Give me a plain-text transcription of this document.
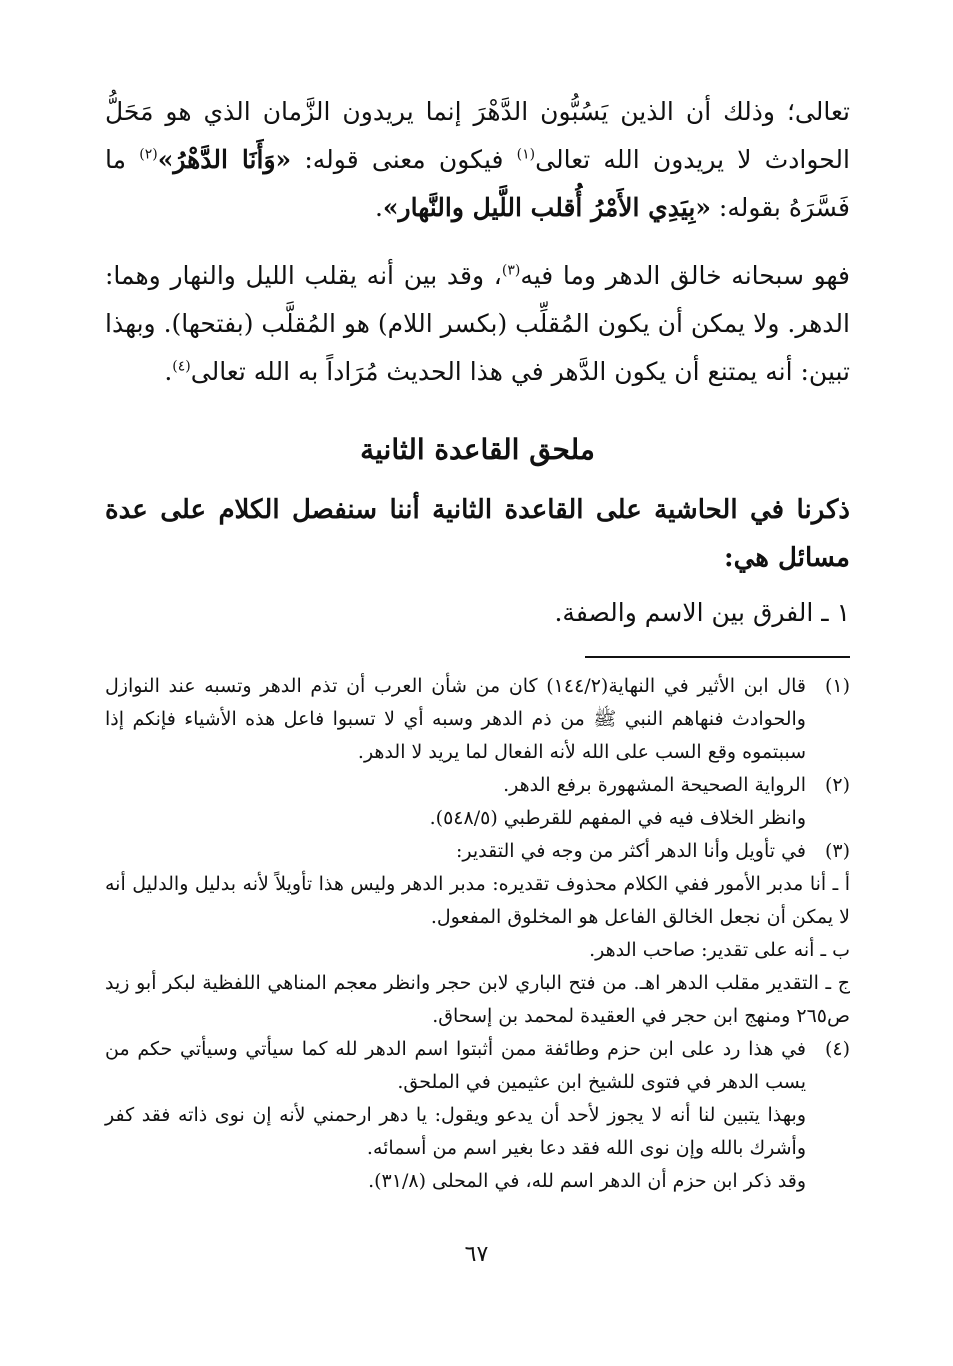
تعالى؛ وذلك أن الذين يَسُبُّون الدَّهْرَ إنما يريدون الزَّمان الذي هو مَحَلُّ الحوادث لا يريدون الله تعالى$^{(١)}$ فيكون معنى قوله: «وَأَنَا الدَّهْرُ»$^{(٢)}$ ما فَسَّرَهُ بقوله: «بِيَدِي الأَمْرُ أُقلب اللَّيل والنَّهار».

فهو سبحانه خالق الدهر وما فيه$^{(٣)}$، وقد بين أنه يقلب الليل والنهار وهما: الدهر. ولا يمكن أن يكون المُقلِّب (بكسر اللام) هو المُقلَّب (بفتحها). وبهذا تبين: أنه يمتنع أن يكون الدَّهر في هذا الحديث مُرَاداً به الله تعالى$^{(٤)}$.

ملحق القاعدة الثانية

ذكرنا في الحاشية على القاعدة الثانية أننا سنفصل الكلام على عدة مسائل هي:

١ ـ الفرق بين الاسم والصفة.

(١)

قال ابن الأثير في النهاية(١٤٤/٢) كان من شأن العرب أن تذم الدهر وتسبه عند النوازل والحوادث فنهاهم النبي ﷺ من ذم الدهر وسبه أي لا تسبوا فاعل هذه الأشياء فإنكم إذا سببتموه وقع السب على الله لأنه الفعال لما يريد لا الدهر.

(٢)

الرواية الصحيحة المشهورة برفع الدهر.

وانظر الخلاف فيه في المفهم للقرطبي (٥٤٨/٥).

(٣)

في تأويل وأنا الدهر أكثر من وجه في التقدير:

أ ـ أنا مدبر الأمور ففي الكلام محذوف تقديره: مدبر الدهر وليس هذا تأويلاً لأنه بدليل والدليل أنه لا يمكن أن نجعل الخالق الفاعل هو المخلوق المفعول.

ب ـ أنه على تقدير: صاحب الدهر.

ج ـ التقدير مقلب الدهر اهـ. من فتح الباري لابن حجر وانظر معجم المناهي اللفظية لبكر أبو زيد ص٢٦٥ ومنهج ابن حجر في العقيدة لمحمد بن إسحاق.

(٤)

في هذا رد على ابن حزم وطائفة ممن أثبتوا اسم الدهر لله كما سيأتي وسيأتي حكم من يسب الدهر في فتوى للشيخ ابن عثيمين في الملحق.

وبهذا يتبين لنا أنه لا يجوز لأحد أن يدعو ويقول: يا دهر ارحمني لأنه إن نوى ذاته فقد كفر وأشرك بالله وإن نوى الله فقد دعا بغير اسم من أسمائه.

وقد ذكر ابن حزم أن الدهر اسم لله، في المحلى (٣١/٨).

٦٧
